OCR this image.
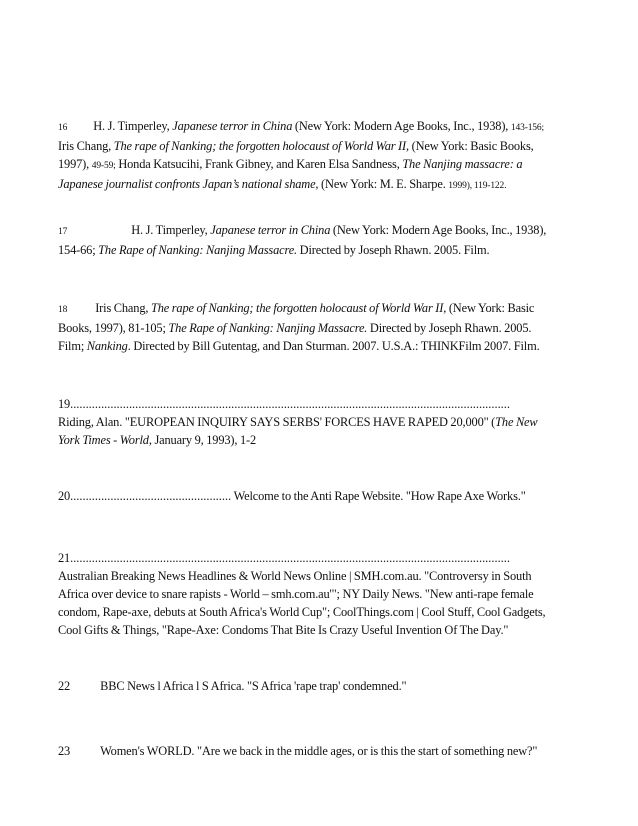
16 H. J. Timperley, Japanese terror in China (New York: Modern Age Books, Inc., 1938), 143-156;
Iris Chang, The rape of Nanking; the forgotten holocaust of World War II, (New York: Basic Books,
1997), 49-59; Honda Katsucihi, Frank Gibney, and Karen Elsa Sandness, The Nanjing massacre: a
Japanese journalist confronts Japan’s national shame, (New York: M. E. Sharpe. 1999), 119-122.
17	H. J. Timperley, Japanese terror in China (New York: Modern Age Books, Inc., 1938),
154-66; The Rape of Nanking: Nanjing Massacre. Directed by Joseph Rhawn. 2005. Film.
18 Iris Chang, The rape of Nanking; the forgotten holocaust of World War II, (New York: Basic
Books, 1997), 81-105; The Rape of Nanking: Nanjing Massacre. Directed by Joseph Rhawn. 2005.
Film; Nanking. Directed by Bill Gutentag, and Dan Sturman. 2007. U.S.A.: THINKFilm 2007. Film.
19..............................................................................................................................................
Riding, Alan. "EUROPEAN INQUIRY SAYS SERBS' FORCES HAVE RAPED 20,000" (The New
York Times - World, January 9, 1993), 1-2
20.................................................... Welcome to the Anti Rape Website. "How Rape Axe Works."
21..............................................................................................................................................
Australian Breaking News Headlines & World News Online | SMH.com.au. "Controversy in South
Africa over device to snare rapists - World – smh.com.au'"; NY Daily News. "New anti-rape female
condom, Rape-axe, debuts at South Africa's World Cup"; CoolThings.com | Cool Stuff, Cool Gadgets,
Cool Gifts & Things, "Rape-Axe: Condoms That Bite Is Crazy Useful Invention Of The Day."
22 BBC News l Africa l S Africa. "S Africa 'rape trap' condemned."
23 Women's WORLD. "Are we back in the middle ages, or is this the start of something new?"
